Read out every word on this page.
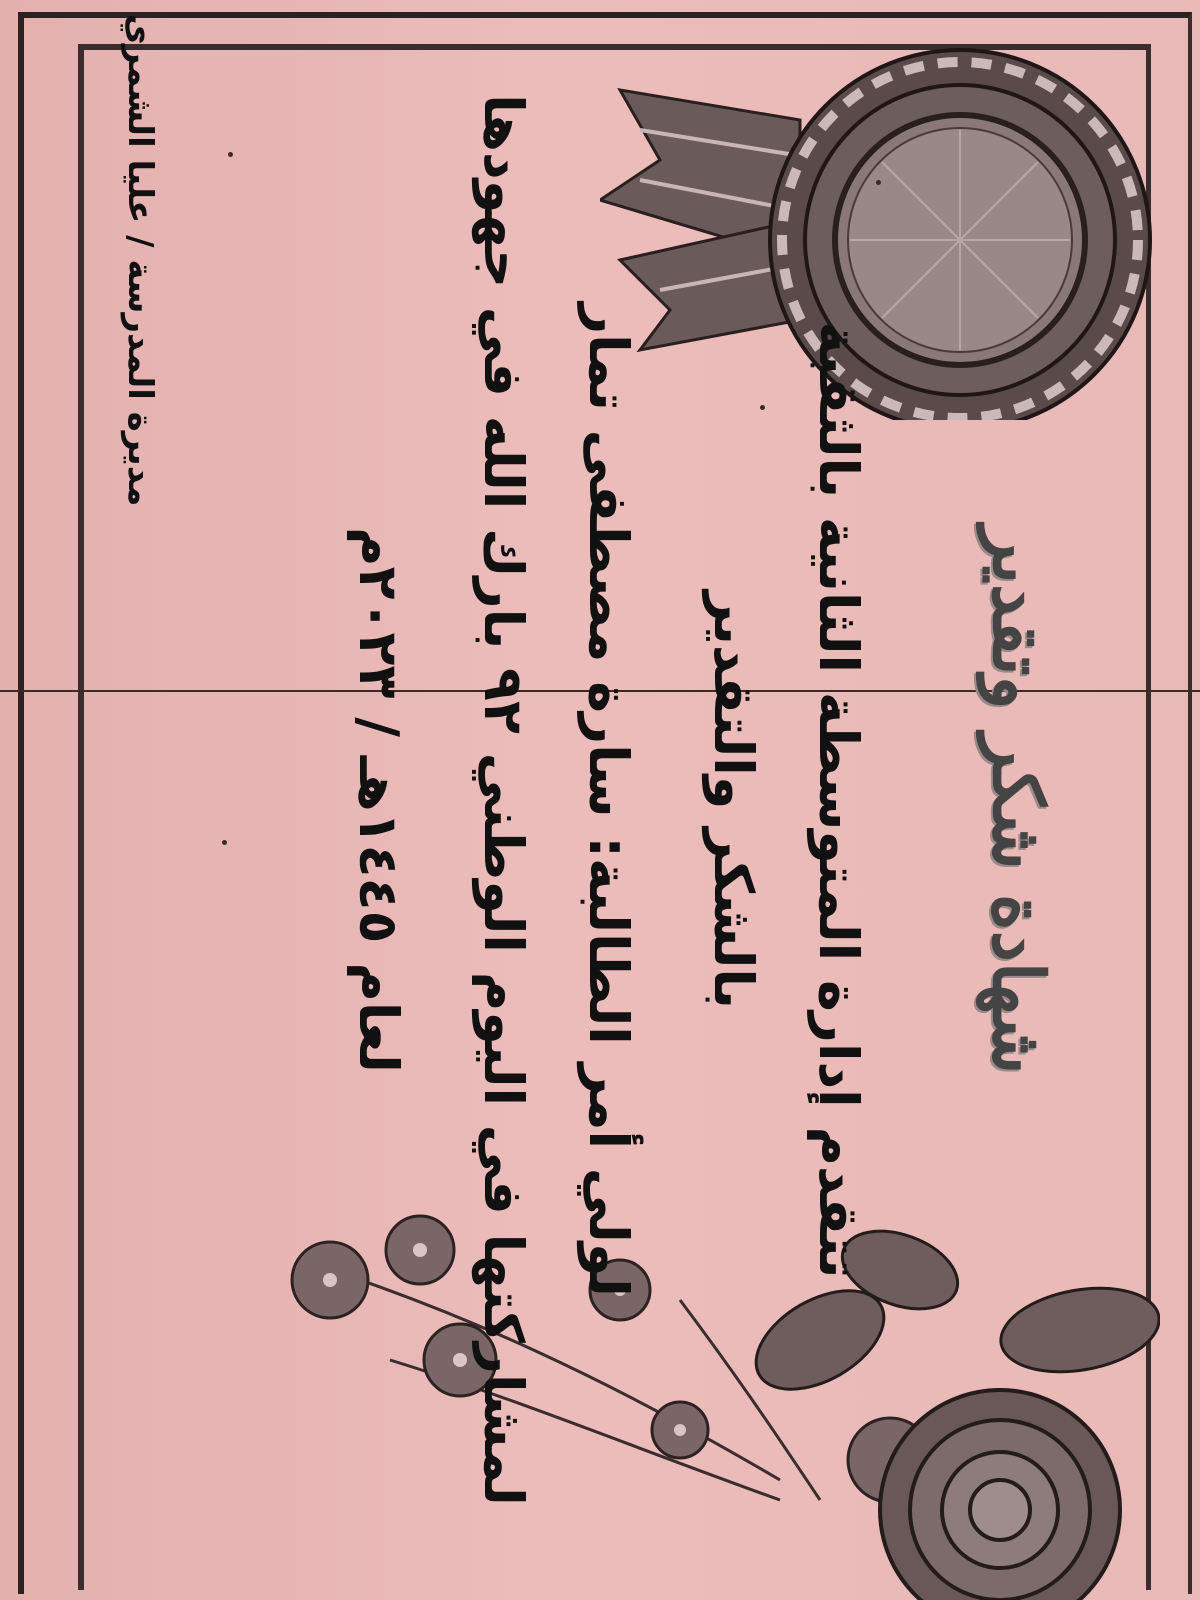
شهادة شكر وتقدير
تتقدم إدارة المتوسطة الثانية بالثقبة
بالشكر والتقدير
لولي أمر الطالبة: سارة مصطفى تمار
لمشاركتها في اليوم الوطني ٩٢ بارك الله في جهودها
لعام ١٤٤٥هـ / ٢٠٢٣م
مديرة المدرسة / عليا الشمري
